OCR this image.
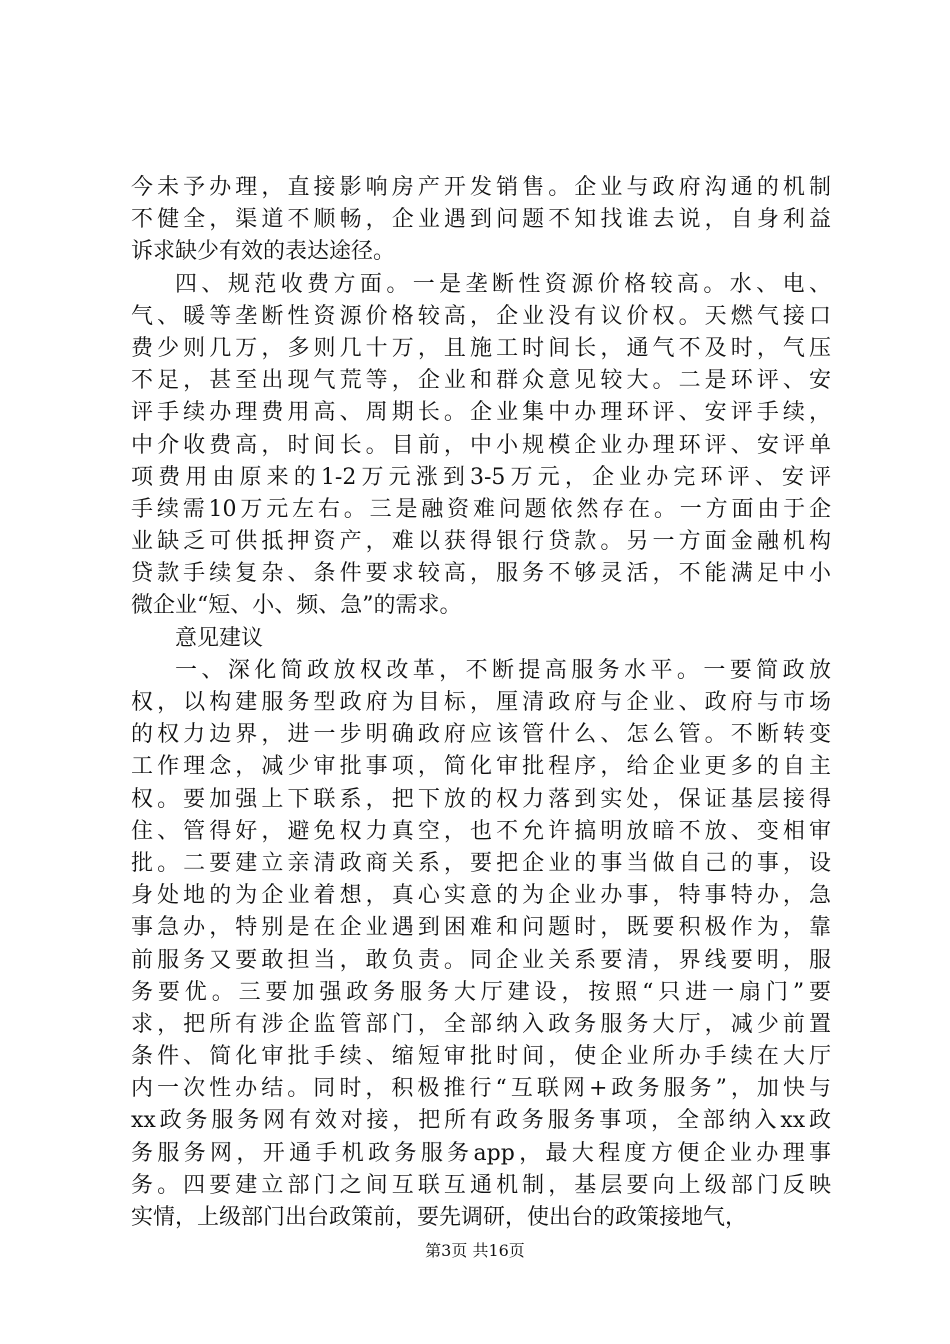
今未予办理，直接影响房产开发销售。企业与政府沟通的机制
不健全，渠道不顺畅，企业遇到问题不知找谁去说，自身利益
诉求缺少有效的表达途径。
四、规范收费方面。一是垄断性资源价格较高。水、电、
气、暖等垄断性资源价格较高，企业没有议价权。天燃气接口
费少则几万，多则几十万，且施工时间长，通气不及时，气压
不足，甚至出现气荒等，企业和群众意见较大。二是环评、安
评手续办理费用高、周期长。企业集中办理环评、安评手续，
中介收费高，时间长。目前，中小规模企业办理环评、安评单
项费用由原来的1-2万元涨到3-5万元，企业办完环评、安评
手续需10万元左右。三是融资难问题依然存在。一方面由于企
业缺乏可供抵押资产，难以获得银行贷款。另一方面金融机构
贷款手续复杂、条件要求较高，服务不够灵活，不能满足中小
微企业“短、小、频、急”的需求。
意见建议
一、深化简政放权改革，不断提高服务水平。一要简政放
权，以构建服务型政府为目标，厘清政府与企业、政府与市场
的权力边界，进一步明确政府应该管什么、怎么管。不断转变
工作理念，减少审批事项，简化审批程序，给企业更多的自主
权。要加强上下联系，把下放的权力落到实处，保证基层接得
住、管得好，避免权力真空，也不允许搞明放暗不放、变相审
批。二要建立亲清政商关系，要把企业的事当做自己的事，设
身处地的为企业着想，真心实意的为企业办事，特事特办，急
事急办，特别是在企业遇到困难和问题时，既要积极作为，靠
前服务又要敢担当，敢负责。同企业关系要清，界线要明，服
务要优。三要加强政务服务大厅建设，按照“只进一扇门”要
求，把所有涉企监管部门，全部纳入政务服务大厅，减少前置
条件、简化审批手续、缩短审批时间，使企业所办手续在大厅
内一次性办结。同时，积极推行“互联网+政务服务”，加快与
xx政务服务网有效对接，把所有政务服务事项，全部纳入xx政
务服务网，开通手机政务服务app，最大程度方便企业办理事
务。四要建立部门之间互联互通机制，基层要向上级部门反映
实情，上级部门出台政策前，要先调研，使出台的政策接地气，
第3页 共16页
